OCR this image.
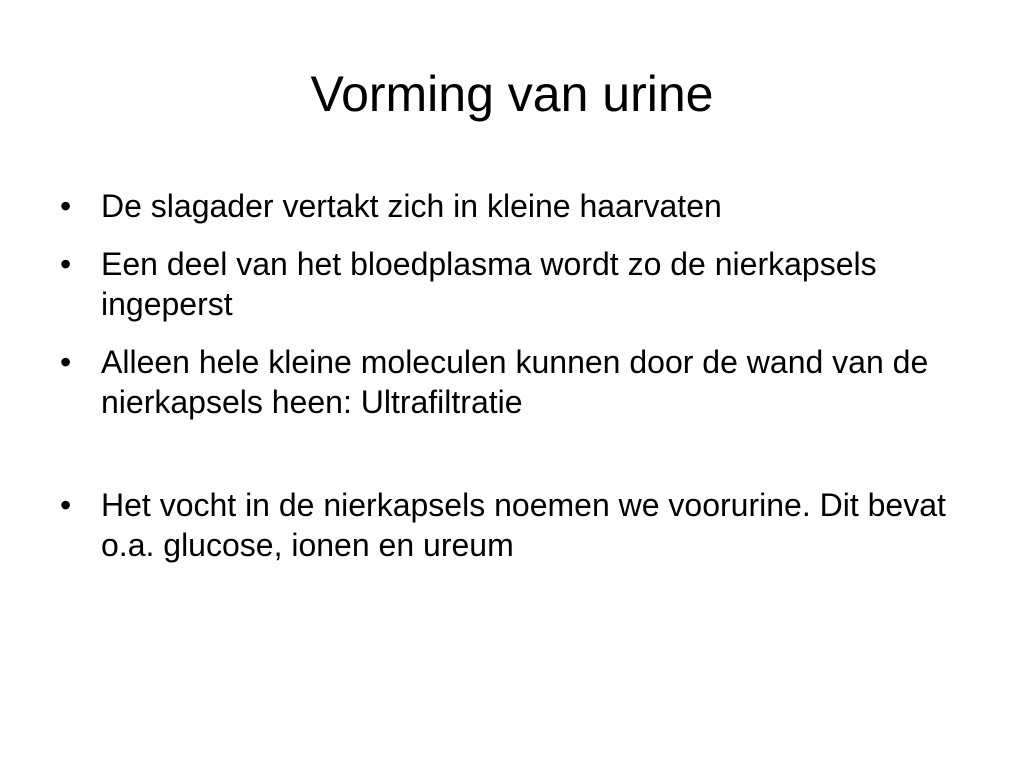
Vorming van urine
• De slagader vertakt zich in kleine haarvaten
• Een deel van het bloedplasma wordt zo de nierkapsels ingeperst
• Alleen hele kleine moleculen kunnen door de wand van de nierkapsels heen: Ultrafiltratie
• Het vocht in de nierkapsels noemen we voorurine. Dit bevat o.a. glucose, ionen en ureum
